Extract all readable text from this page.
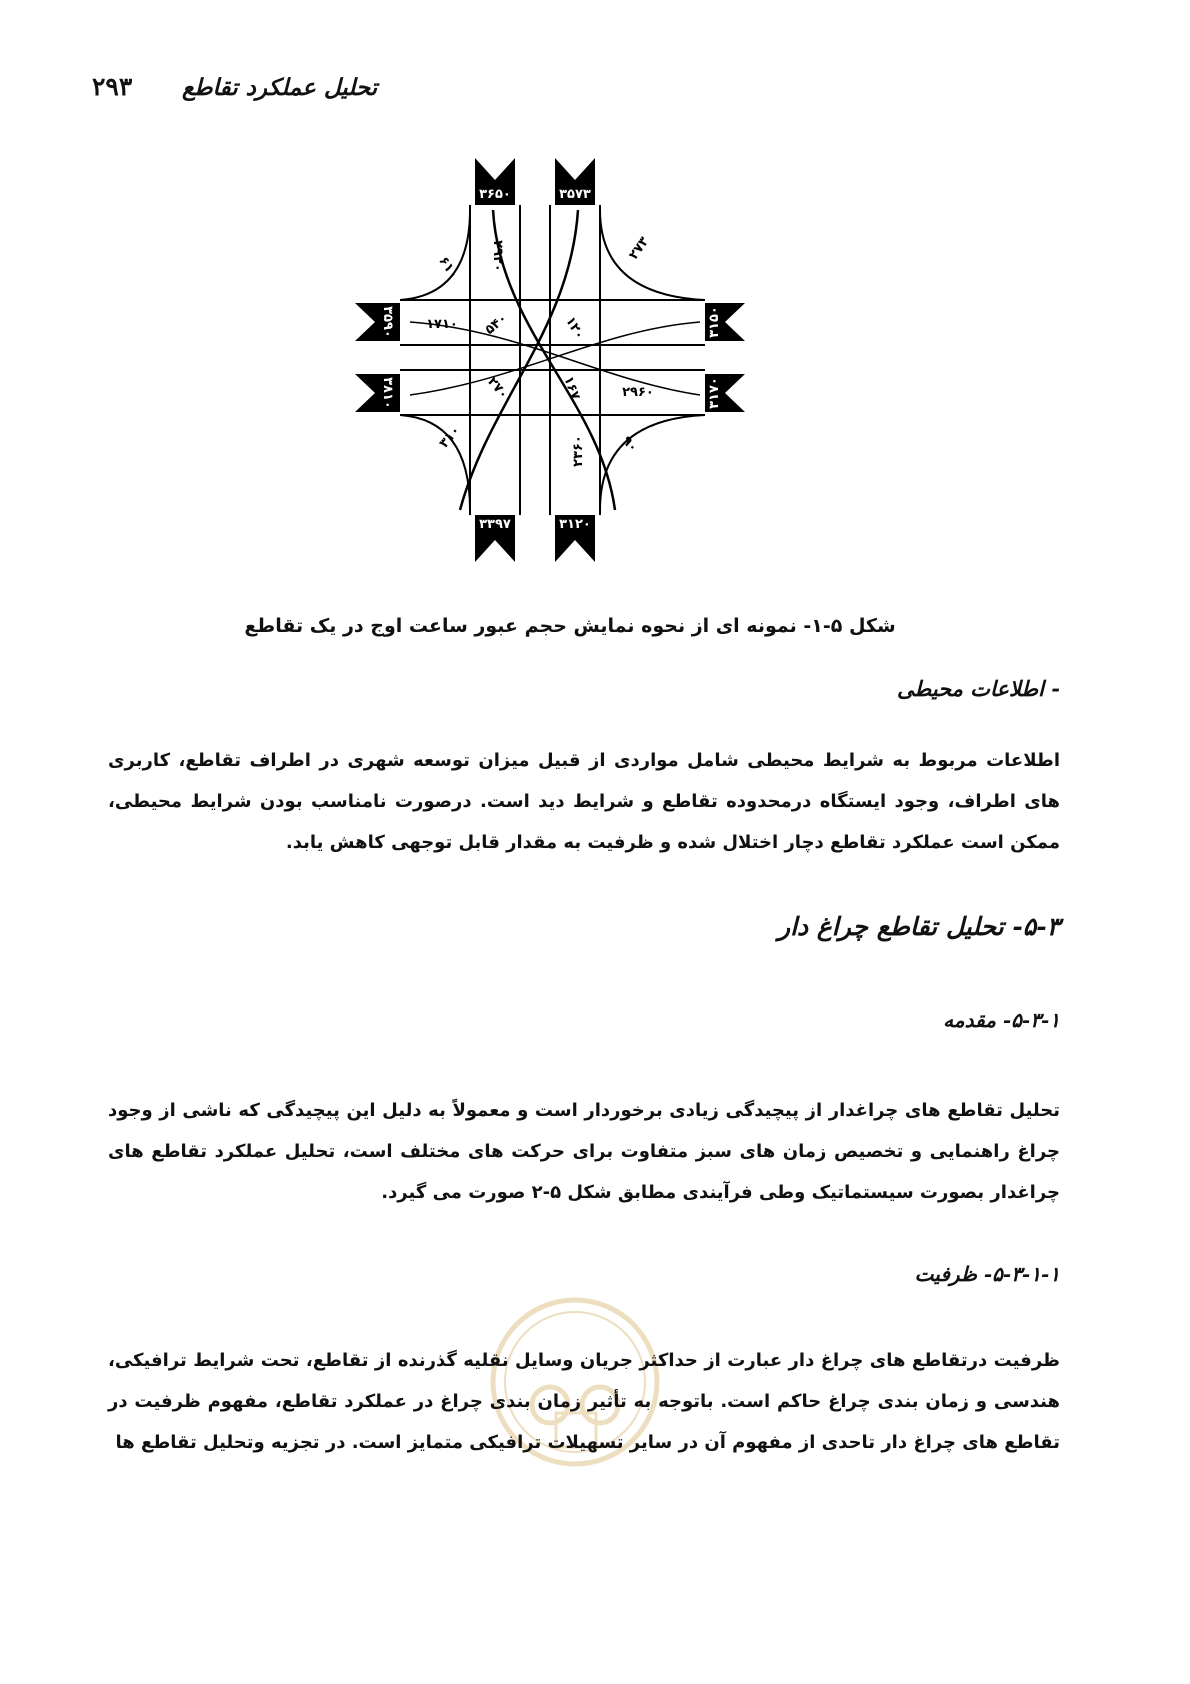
۲۹۳ تحلیل عملکرد تقاطع
۳۶۵۰	۳۵۷۳
۳۳۹۷	۳۱۲۰
۳۵۹۰
۳۸۱۰
۳۱۵۰
۳۱۷۰
۶۱۰ ۲۹۲۰	۲۷۳
۱۷۱۰ ۵۴۰	۱۲۰
۲۷۰	۱۶۷	۲۹۶۰
۳۱۰	۲۳۶۰	۹۰
شکل ۵-۱- نمونه ای از نحوه نمایش حجم عبور ساعت اوج در یک تقاطع
- اطلاعات محیطی
اطلاعات مربوط به شرایط محیطی شامل مواردی از قبیل میزان توسعه شهری در اطراف تقاطع، کاربری های اطراف، وجود ایستگاه درمحدوده تقاطع و شرایط دید است. درصورت نامناسب بودن شرایط محیطی، ممکن است عملکرد تقاطع دچار اختلال شده و ظرفیت به مقدار قابل توجهی کاهش یابد.
۵-۳- تحلیل تقاطع چراغ دار
۵-۳-۱- مقدمه
تحلیل تقاطع های چراغدار از پیچیدگی زیادی برخوردار است و معمولاً به دلیل این پیچیدگی که ناشی از وجود چراغ راهنمایی و تخصیص زمان های سبز متفاوت برای حرکت های مختلف است، تحلیل عملکرد تقاطع های چراغدار بصورت سیستماتیک وطی فرآیندی مطابق شکل ۵-۲ صورت می گیرد.
۵-۳-۱-۱- ظرفیت
ظرفیت درتقاطع های چراغ دار عبارت از حداکثر جریان وسایل نقلیه گذرنده از تقاطع، تحت شرایط ترافیکی، هندسی و زمان بندی چراغ حاکم است. باتوجه به تأثیر زمان بندی چراغ در عملکرد تقاطع، مفهوم ظرفیت در تقاطع های چراغ دار تاحدی از مفهوم آن در سایر تسهیلات ترافیکی متمایز است. در تجزیه وتحلیل تقاطع ها
